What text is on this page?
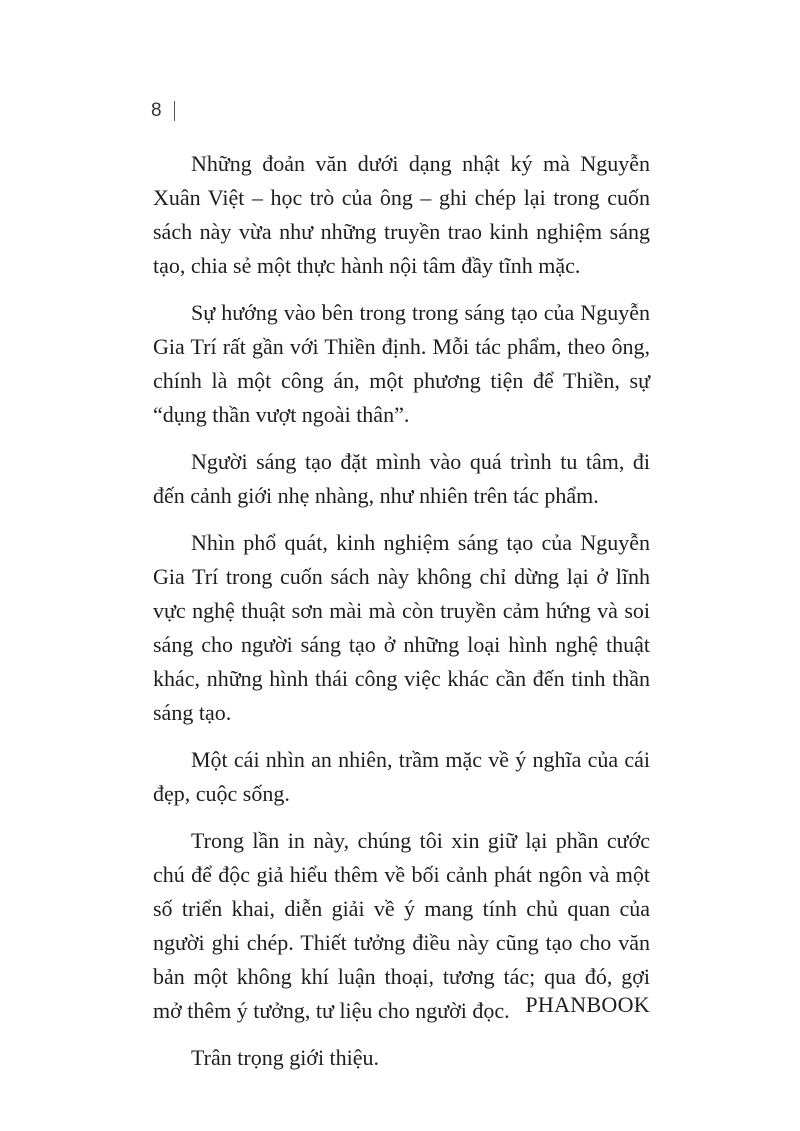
8

Những đoản văn dưới dạng nhật ký mà Nguyễn Xuân Việt – học trò của ông – ghi chép lại trong cuốn sách này vừa như những truyền trao kinh nghiệm sáng tạo, chia sẻ một thực hành nội tâm đầy tĩnh mặc.

Sự hướng vào bên trong trong sáng tạo của Nguyễn Gia Trí rất gần với Thiền định. Mỗi tác phẩm, theo ông, chính là một công án, một phương tiện để Thiền, sự “dụng thần vượt ngoài thân”.

Người sáng tạo đặt mình vào quá trình tu tâm, đi đến cảnh giới nhẹ nhàng, như nhiên trên tác phẩm.

Nhìn phổ quát, kinh nghiệm sáng tạo của Nguyễn Gia Trí trong cuốn sách này không chỉ dừng lại ở lĩnh vực nghệ thuật sơn mài mà còn truyền cảm hứng và soi sáng cho người sáng tạo ở những loại hình nghệ thuật khác, những hình thái công việc khác cần đến tinh thần sáng tạo.

Một cái nhìn an nhiên, trầm mặc về ý nghĩa của cái đẹp, cuộc sống.

Trong lần in này, chúng tôi xin giữ lại phần cước chú để độc giả hiểu thêm về bối cảnh phát ngôn và một số triển khai, diễn giải về ý mang tính chủ quan của người ghi chép. Thiết tưởng điều này cũng tạo cho văn bản một không khí luận thoại, tương tác; qua đó, gợi mở thêm ý tưởng, tư liệu cho người đọc.

Trân trọng giới thiệu.

PHANBOOK
